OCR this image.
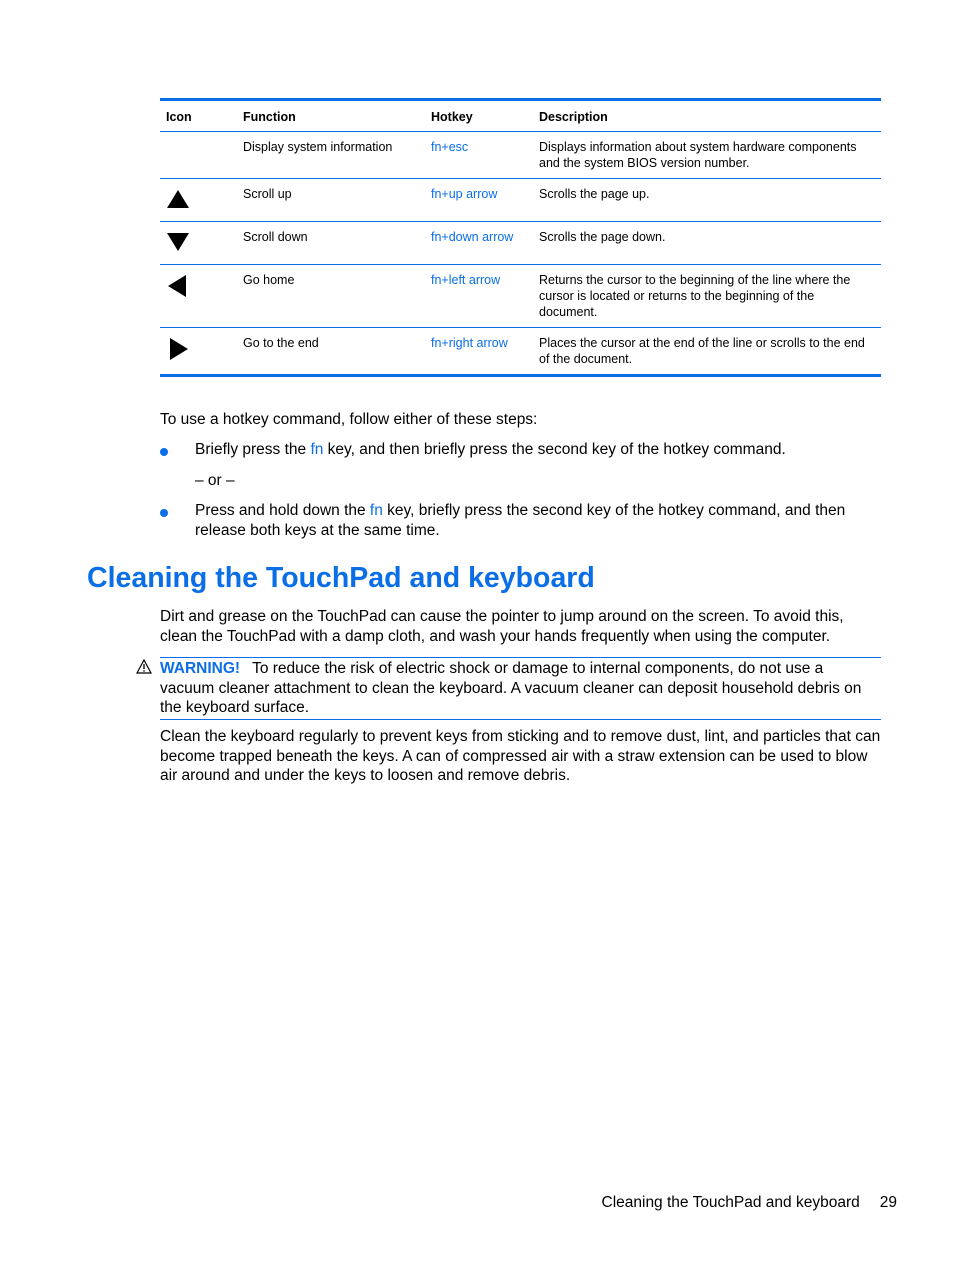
Icon	Function	Hotkey	Description
	Display system information	fn+esc	Displays information about system hardware components and the system BIOS version number.

	Scroll up	fn+up arrow	Scrolls the page up.

	Scroll down	fn+down arrow	Scrolls the page down.

	Go home	fn+left arrow	Returns the cursor to the beginning of the line where the cursor is located or returns to the beginning of the document.

	Go to the end	fn+right arrow	Places the cursor at the end of the line or scrolls to the end of the document.

To use a hotkey command, follow either of these steps:

Briefly press the fn key, and then briefly press the second key of the hotkey command.

– or –

Press and hold down the fn key, briefly press the second key of the hotkey command, and then release both keys at the same time.

Cleaning the TouchPad and keyboard

Dirt and grease on the TouchPad can cause the pointer to jump around on the screen. To avoid this, clean the TouchPad with a damp cloth, and wash your hands frequently when using the computer.

WARNING! To reduce the risk of electric shock or damage to internal components, do not use a vacuum cleaner attachment to clean the keyboard. A vacuum cleaner can deposit household debris on the keyboard surface.

Clean the keyboard regularly to prevent keys from sticking and to remove dust, lint, and particles that can become trapped beneath the keys. A can of compressed air with a straw extension can be used to blow air around and under the keys to loosen and remove debris.

Cleaning the TouchPad and keyboard 29
